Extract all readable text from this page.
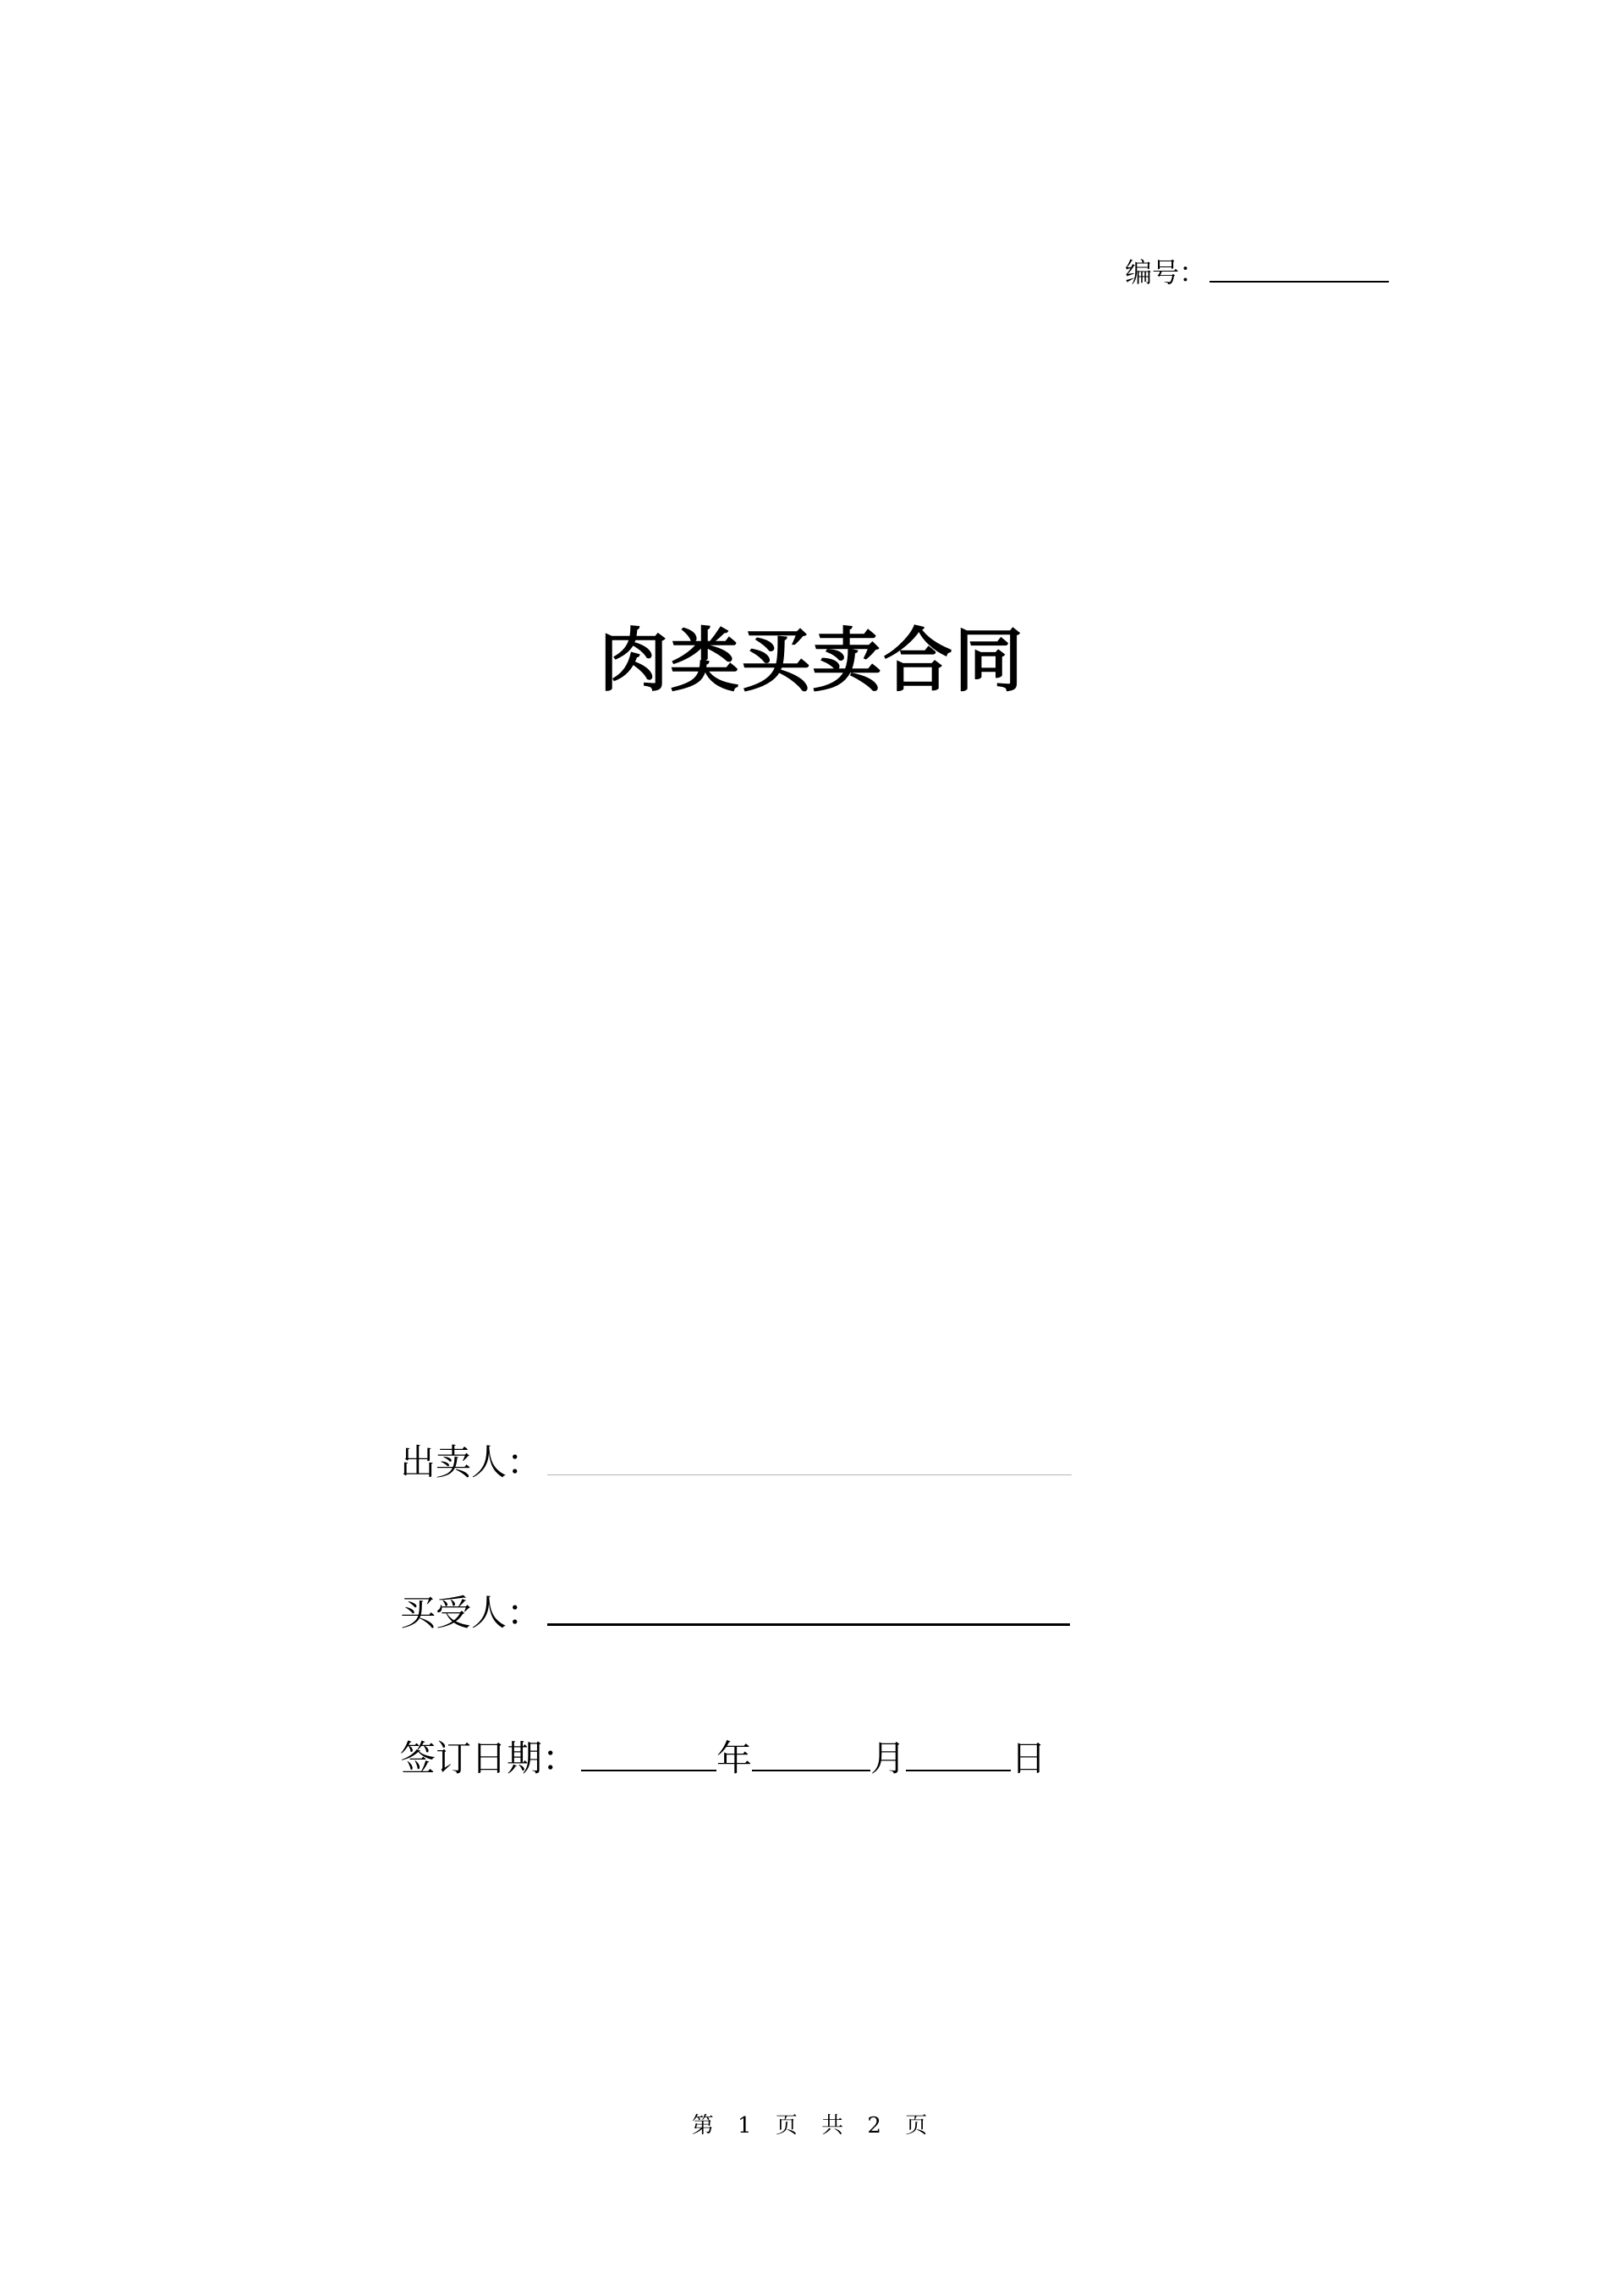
编号：
肉类买卖合同
出卖人：
买受人：
签订日期：	年	月	日
第 1 页 共 2 页
